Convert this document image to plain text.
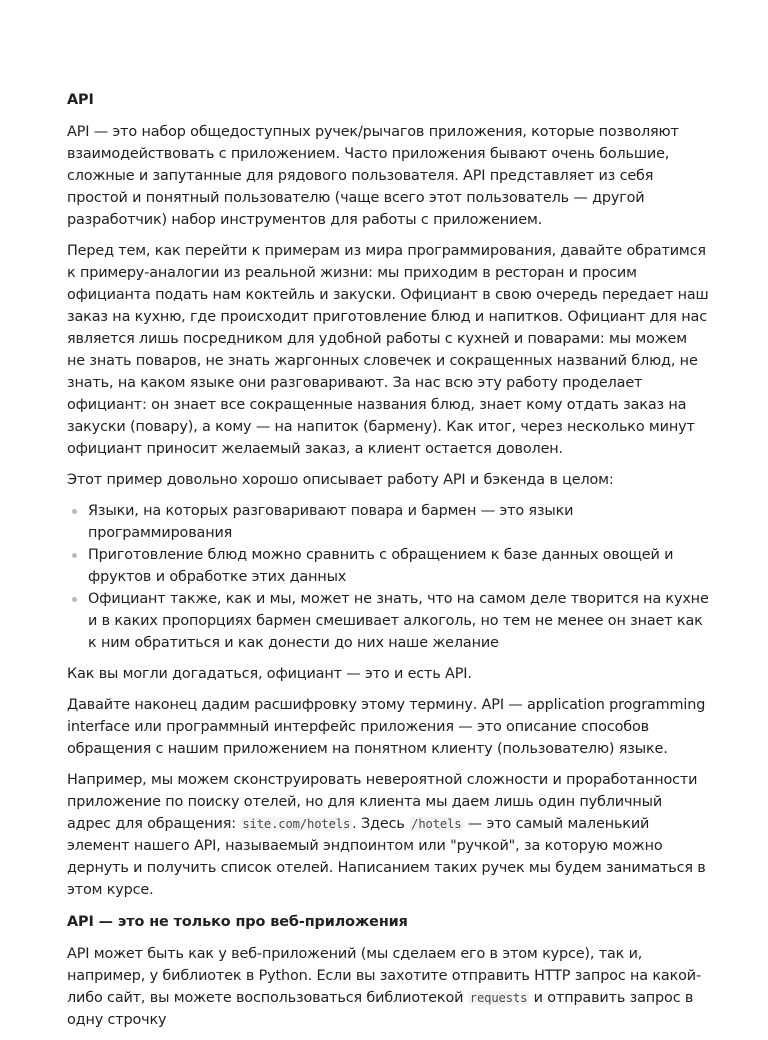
API

API — это набор общедоступных ручек/рычагов приложения, которые позволяют взаимодействовать с приложением. Часто приложения бывают очень большие, сложные и запутанные для рядового пользователя. API представляет из себя простой и понятный пользователю (чаще всего этот пользователь — другой разработчик) набор инструментов для работы с приложением.

Перед тем, как перейти к примерам из мира программирования, давайте обратимся к примеру-аналогии из реальной жизни: мы приходим в ресторан и просим официанта подать нам коктейль и закуски. Официант в свою очередь передает наш заказ на кухню, где происходит приготовление блюд и напитков. Официант для нас является лишь посредником для удобной работы с кухней и поварами: мы можем не знать поваров, не знать жаргонных словечек и сокращенных названий блюд, не знать, на каком языке они разговаривают. За нас всю эту работу проделает официант: он знает все сокращенные названия блюд, знает кому отдать заказ на закуски (повару), а кому — на напиток (бармену). Как итог, через несколько минут официант приносит желаемый заказ, а клиент остается доволен.

Этот пример довольно хорошо описывает работу API и бэкенда в целом:

Языки, на которых разговаривают повара и бармен — это языки программирования
Приготовление блюд можно сравнить с обращением к базе данных овощей и фруктов и обработке этих данных
Официант также, как и мы, может не знать, что на самом деле творится на кухне и в каких пропорциях бармен смешивает алкоголь, но тем не менее он знает как к ним обратиться и как донести до них наше желание

Как вы могли догадаться, официант — это и есть API.

Давайте наконец дадим расшифровку этому термину. API — application programming interface или программный интерфейс приложения — это описание способов обращения с нашим приложением на понятном клиенту (пользователю) языке.

Например, мы можем сконструировать невероятной сложности и проработанности приложение по поиску отелей, но для клиента мы даем лишь один публичный адрес для обращения: site.com/hotels . Здесь /hotels — это самый маленький элемент нашего API, называемый эндпоинтом или "ручкой", за которую можно дернуть и получить список отелей. Написанием таких ручек мы будем заниматься в этом курсе.

API — это не только про веб-приложения

API может быть как у веб-приложений (мы сделаем его в этом курсе), так и, например, у библиотек в Python. Если вы захотите отправить HTTP запрос на какой-либо сайт, вы можете воспользоваться библиотекой requests и отправить запрос в одну строчку
